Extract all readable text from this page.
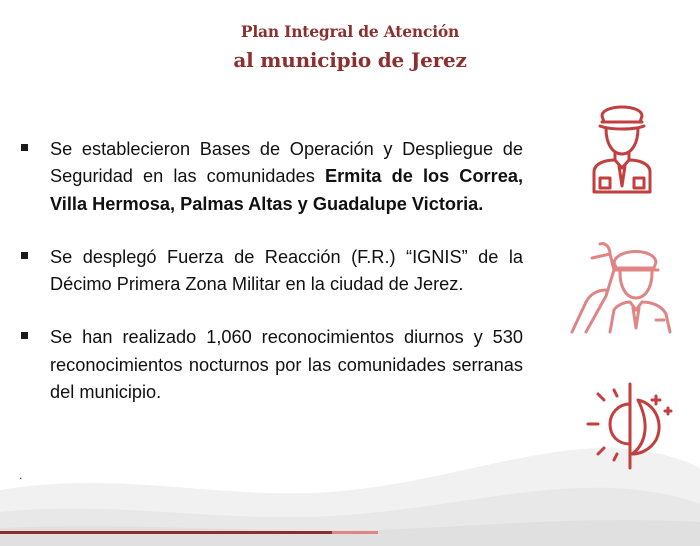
Plan Integral de Atención
al municipio de Jerez

Se establecieron Bases de Operación y Despliegue de Seguridad en las comunidades Ermita de los Correa, Villa Hermosa, Palmas Altas y Guadalupe Victoria.

Se desplegó Fuerza de Reacción (F.R.) “IGNIS” de la Décimo Primera Zona Militar en la ciudad de Jerez.

Se han realizado 1,060 reconocimientos diurnos y 530 reconocimientos nocturnos por las comunidades serranas del municipio.

.
